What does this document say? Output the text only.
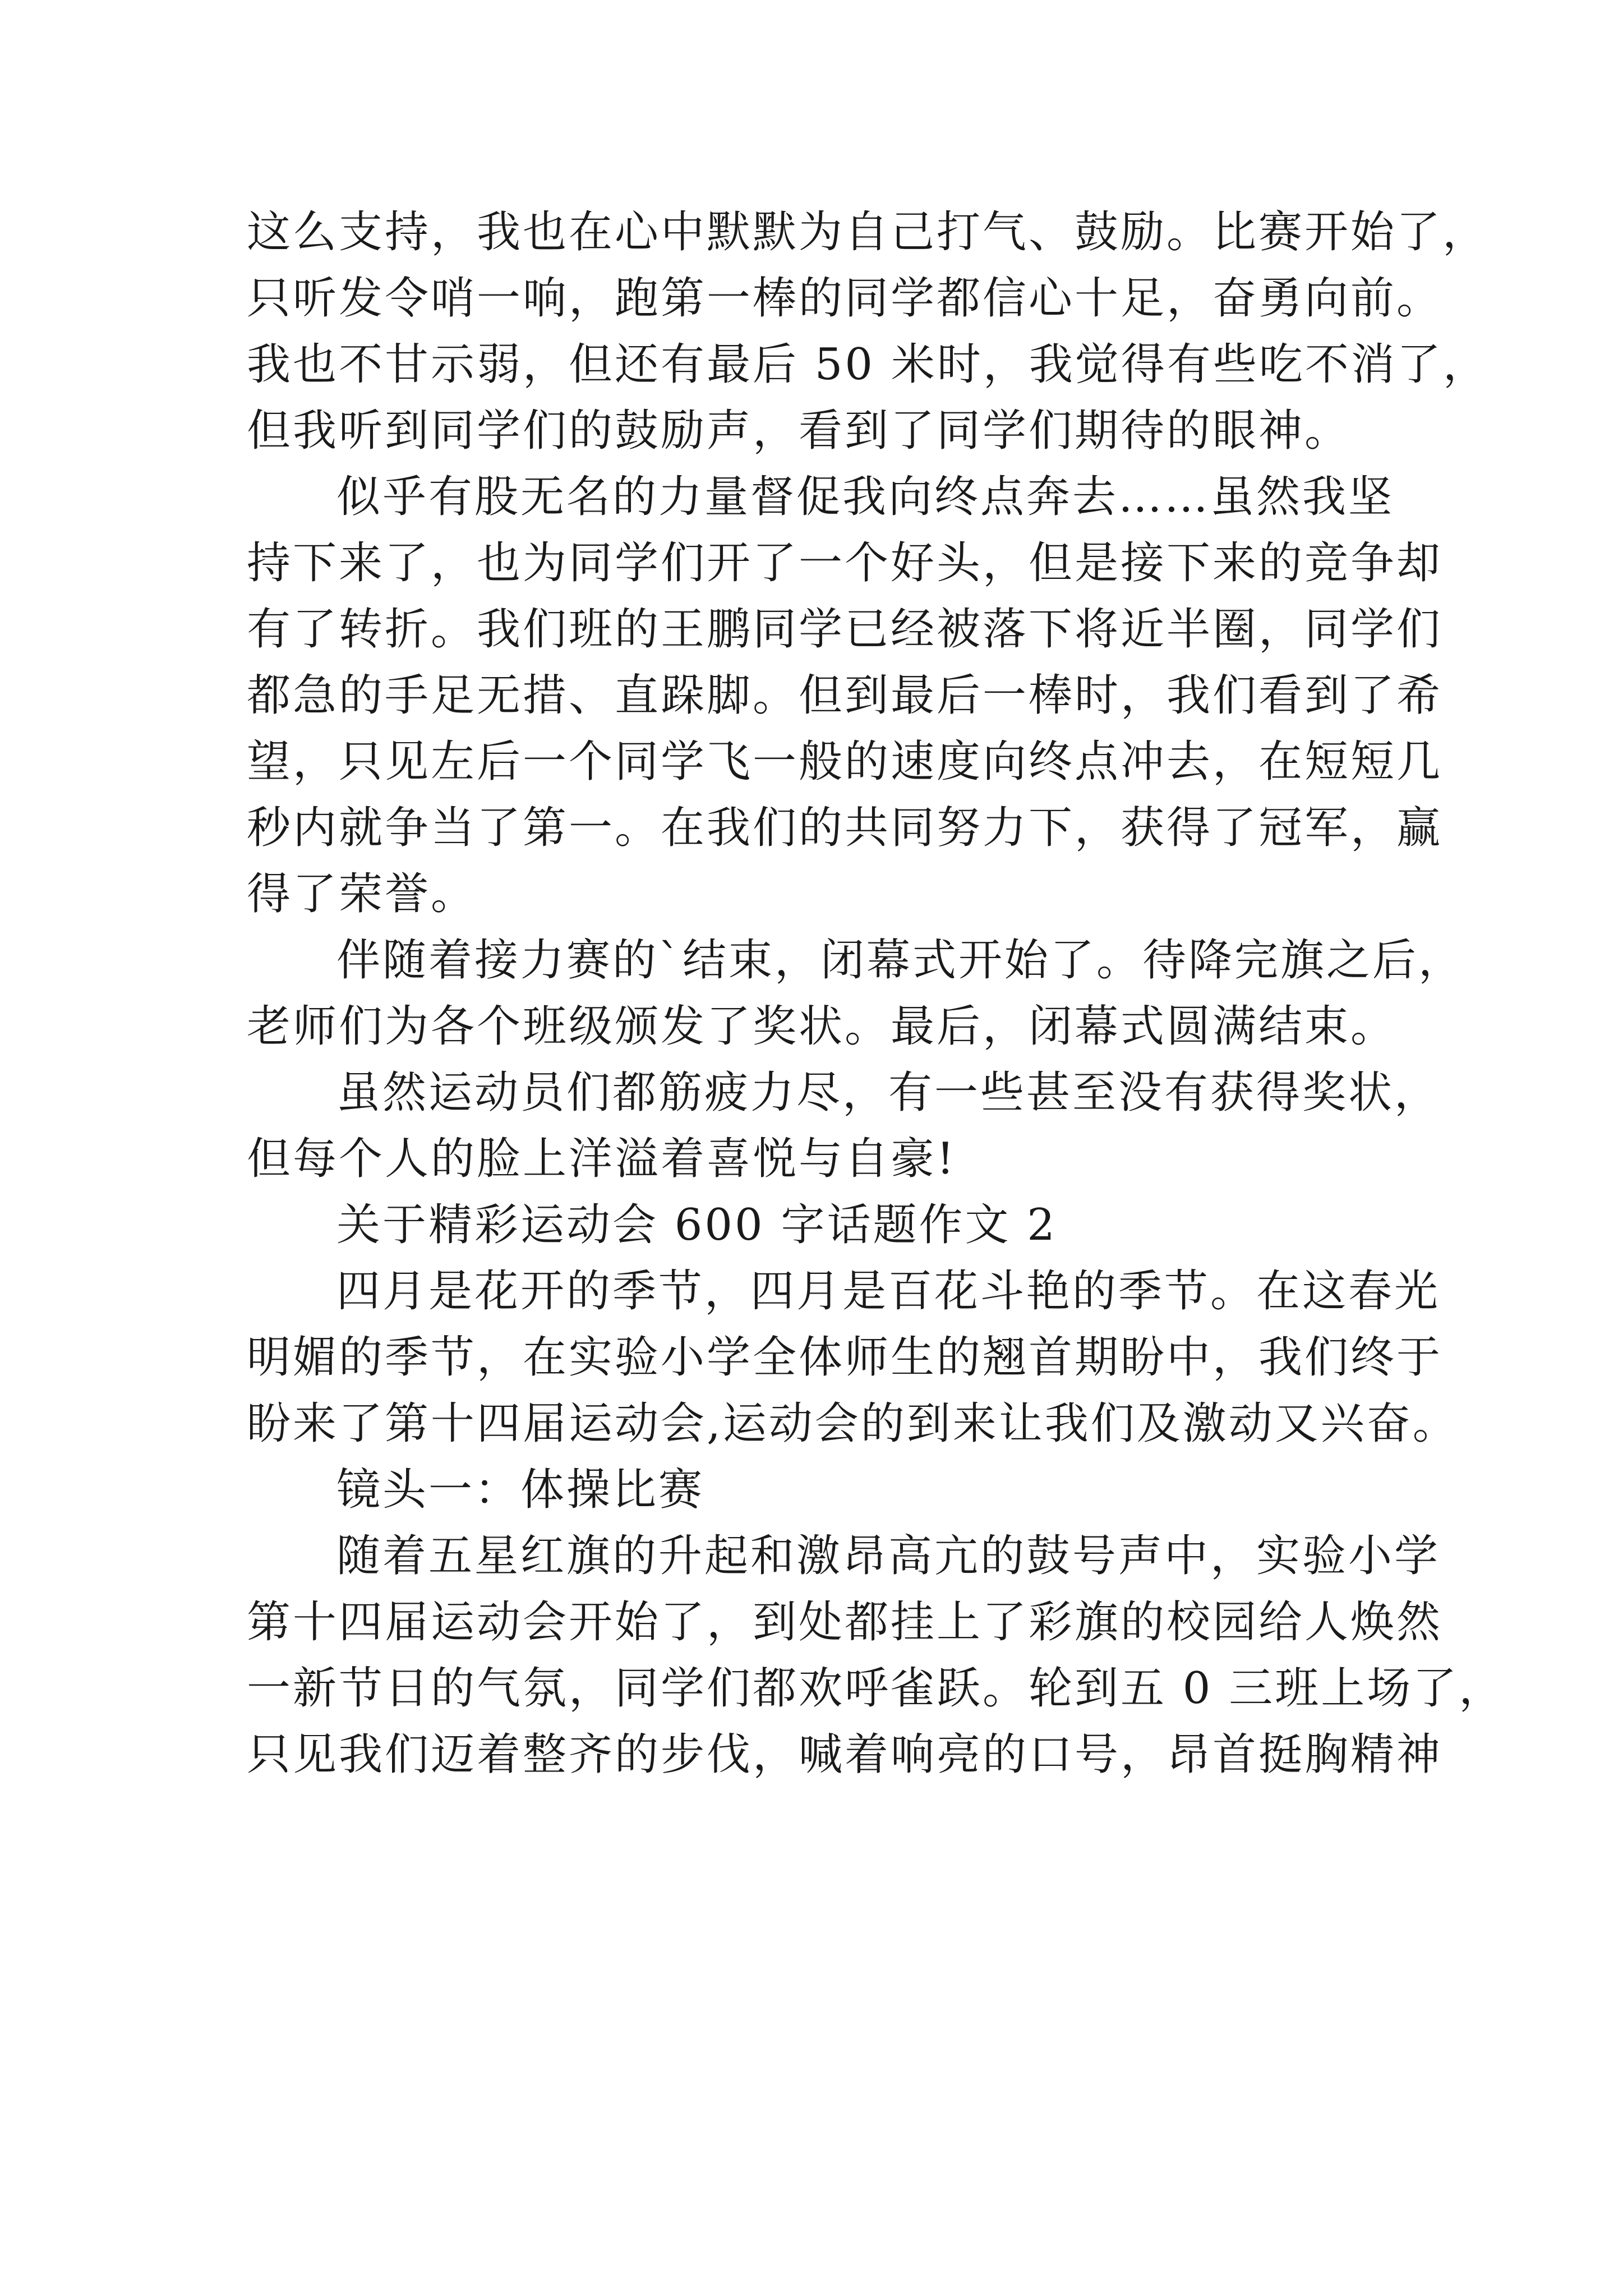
这么支持，我也在心中默默为自己打气、鼓励。比赛开始了，

只听发令哨一响，跑第一棒的同学都信心十足，奋勇向前。

我也不甘示弱，但还有最后 50 米时，我觉得有些吃不消了，

但我听到同学们的鼓励声，看到了同学们期待的眼神。

似乎有股无名的力量督促我向终点奔去……虽然我坚

持下来了，也为同学们开了一个好头，但是接下来的竞争却

有了转折。我们班的王鹏同学已经被落下将近半圈，同学们

都急的手足无措、直跺脚。但到最后一棒时，我们看到了希

望，只见左后一个同学飞一般的速度向终点冲去，在短短几

秒内就争当了第一。在我们的共同努力下，获得了冠军，赢

得了荣誉。

伴随着接力赛的`结束，闭幕式开始了。待降完旗之后，

老师们为各个班级颁发了奖状。最后，闭幕式圆满结束。

虽然运动员们都筋疲力尽，有一些甚至没有获得奖状，

但每个人的脸上洋溢着喜悦与自豪!

关于精彩运动会 600 字话题作文 2

四月是花开的季节，四月是百花斗艳的季节。在这春光

明媚的季节，在实验小学全体师生的翘首期盼中，我们终于

盼来了第十四届运动会,运动会的到来让我们及激动又兴奋。

镜头一：体操比赛

随着五星红旗的升起和激昂高亢的鼓号声中，实验小学

第十四届运动会开始了，到处都挂上了彩旗的校园给人焕然

一新节日的气氛，同学们都欢呼雀跃。轮到五 0 三班上场了，

只见我们迈着整齐的步伐，喊着响亮的口号，昂首挺胸精神
